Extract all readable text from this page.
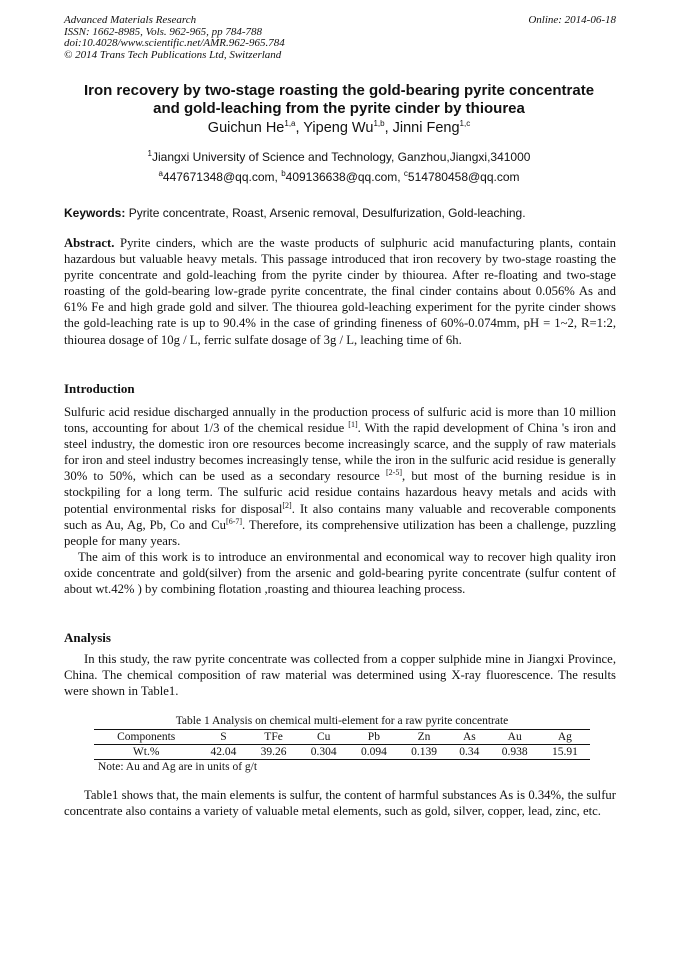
Advanced Materials Research
ISSN: 1662-8985, Vols. 962-965, pp 784-788
doi:10.4028/www.scientific.net/AMR.962-965.784
© 2014 Trans Tech Publications Ltd, Switzerland
Online: 2014-06-18
Iron recovery by two-stage roasting the gold-bearing pyrite concentrate
and gold-leaching from the pyrite cinder by thiourea
Guichun He$^{1,a}$, Yipeng Wu$^{1,b}$, Jinni Feng$^{1,c}$
$^1$Jiangxi University of Science and Technology, Ganzhou,Jiangxi,341000
$^a$447671348@qq.com, $^b$409136638@qq.com, $^c$514780458@qq.com
Keywords: Pyrite concentrate, Roast, Arsenic removal, Desulfurization, Gold-leaching.
Abstract. Pyrite cinders, which are the waste products of sulphuric acid manufacturing plants, contain hazardous but valuable heavy metals. This passage introduced that iron recovery by two-stage roasting the pyrite concentrate and gold-leaching from the pyrite cinder by thiourea. After re-floating and two-stage roasting of the gold-bearing low-grade pyrite concentrate, the final cinder contains about 0.056% As and 61% Fe and high grade gold and silver. The thiourea gold-leaching experiment for the pyrite cinder shows the gold-leaching rate is up to 90.4% in the case of grinding fineness of 60%-0.074mm, pH = 1~2, R=1:2, thiourea dosage of 10g / L, ferric sulfate dosage of 3g / L, leaching time of 6h.
Introduction
Sulfuric acid residue discharged annually in the production process of sulfuric acid is more than 10 million tons, accounting for about 1/3 of the chemical residue [1]. With the rapid development of China 's iron and steel industry, the domestic iron ore resources become increasingly scarce, and the supply of raw materials for iron and steel industry becomes increasingly tense, while the iron in the sulfuric acid residue is generally 30% to 50%, which can be used as a secondary resource [2-5], but most of the burning residue is in stockpiling for a long term. The sulfuric acid residue contains hazardous heavy metals and acids with potential environmental risks for disposal[2]. It also contains many valuable and recoverable components such as Au, Ag, Pb, Co and Cu[6-7]. Therefore, its comprehensive utilization has been a challenge, puzzling people for many years.
The aim of this work is to introduce an environmental and economical way to recover high quality iron oxide concentrate and gold(silver) from the arsenic and gold-bearing pyrite concentrate (sulfur content of about wt.42% ) by combining flotation ,roasting and thiourea leaching process.
Analysis
In this study, the raw pyrite concentrate was collected from a copper sulphide mine in Jiangxi Province, China. The chemical composition of raw material was determined using X-ray fluorescence. The results were shown in Table1.
Table 1 Analysis on chemical multi-element for a raw pyrite concentrate
Components	S	TFe	Cu	Pb	Zn	As	Au	Ag
Wt.%	42.04	39.26	0.304	0.094	0.139	0.34	0.938	15.91
Note: Au and Ag are in units of g/t
Table1 shows that, the main elements is sulfur, the content of harmful substances As is 0.34%, the sulfur concentrate also contains a variety of valuable metal elements, such as gold, silver, copper, lead, zinc, etc.
